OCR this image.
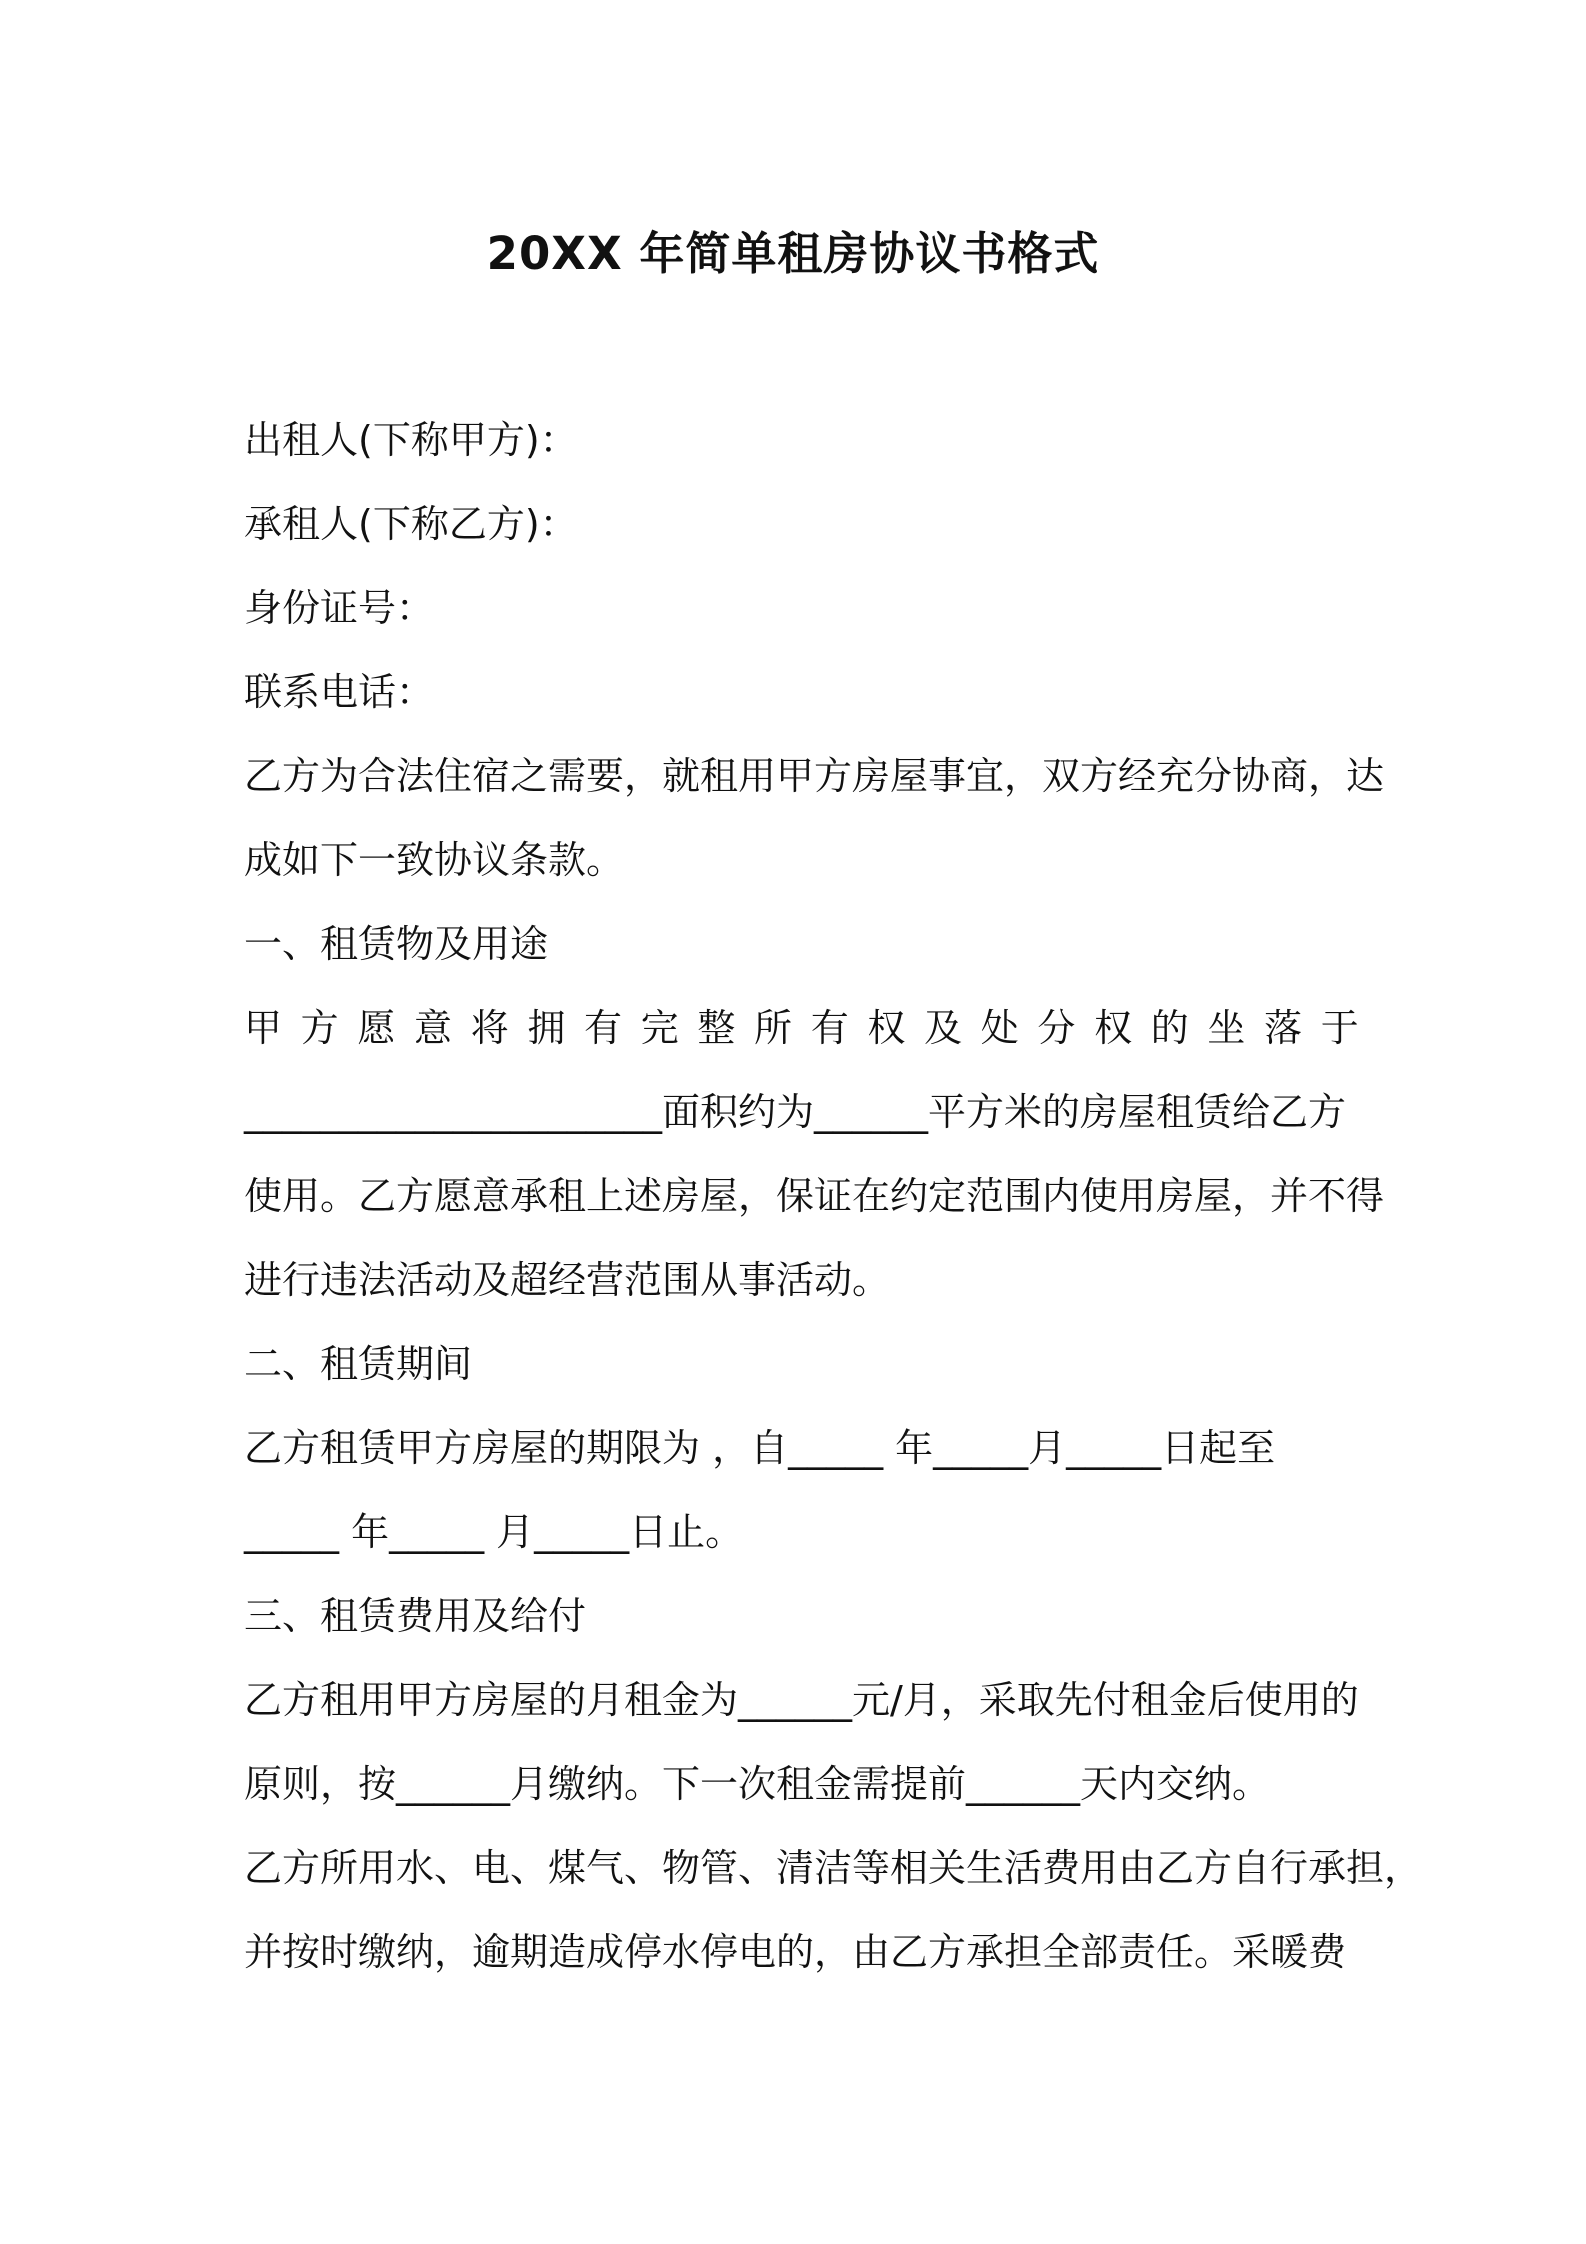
20XX 年简单租房协议书格式
出租人(下称甲方)：
承租人(下称乙方)：
身份证号：
联系电话：
乙方为合法住宿之需要，就租用甲方房屋事宜，双方经充分协商，达
成如下一致协议条款。
一、租赁物及用途
甲 方 愿 意 将 拥 有 完 整 所 有 权 及 处 分 权 的 坐 落 于
______________________面积约为______平方米的房屋租赁给乙方
使用。乙方愿意承租上述房屋，保证在约定范围内使用房屋，并不得
进行违法活动及超经营范围从事活动。
二、租赁期间
乙方租赁甲方房屋的期限为 ，自_____ 年_____月_____日起至
_____ 年_____ 月_____日止。
三、租赁费用及给付
乙方租用甲方房屋的月租金为______元/月，采取先付租金后使用的
原则，按______月缴纳。下一次租金需提前______天内交纳。
乙方所用水、电、煤气、物管、清洁等相关生活费用由乙方自行承担，
并按时缴纳，逾期造成停水停电的，由乙方承担全部责任。采暖费
